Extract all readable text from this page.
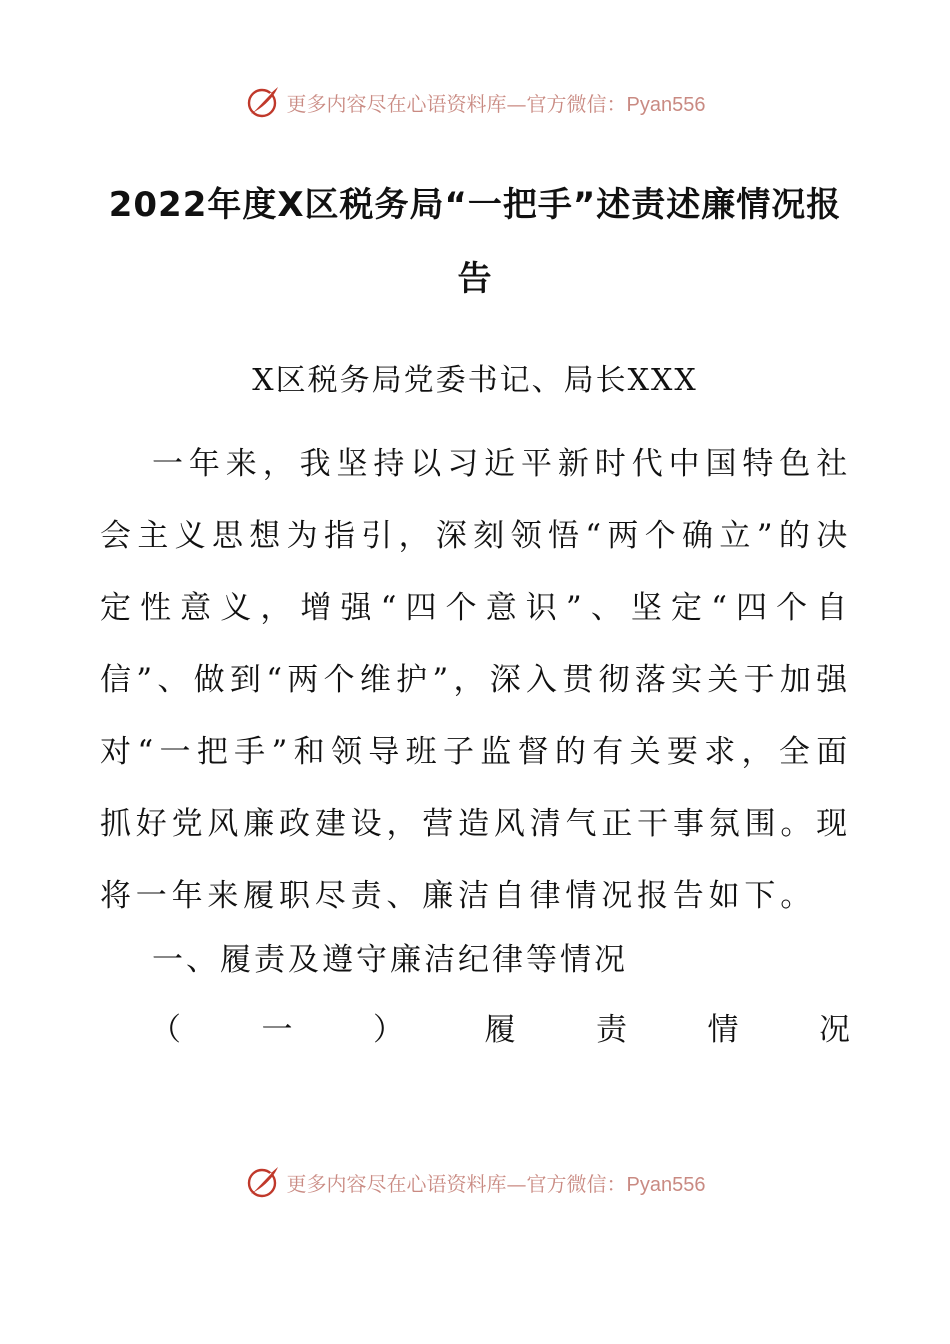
更多内容尽在心语资料库—官方微信：Pyan556
2022年度X区税务局“一把手”述责述廉情况报告

X区税务局党委书记、局长XXX

一年来，我坚持以习近平新时代中国特色社会主义思想为指引，深刻领悟“两个确立”的决定性意义，增强“四个意识”、坚定“四个自信”、做到“两个维护”，深入贯彻落实关于加强对“一把手”和领导班子监督的有关要求，全面抓好党风廉政建设，营造风清气正干事氛围。现将一年来履职尽责、廉洁自律情况报告如下。

一、履责及遵守廉洁纪律等情况

（	一	）	履	责	情	况
更多内容尽在心语资料库—官方微信：Pyan556
